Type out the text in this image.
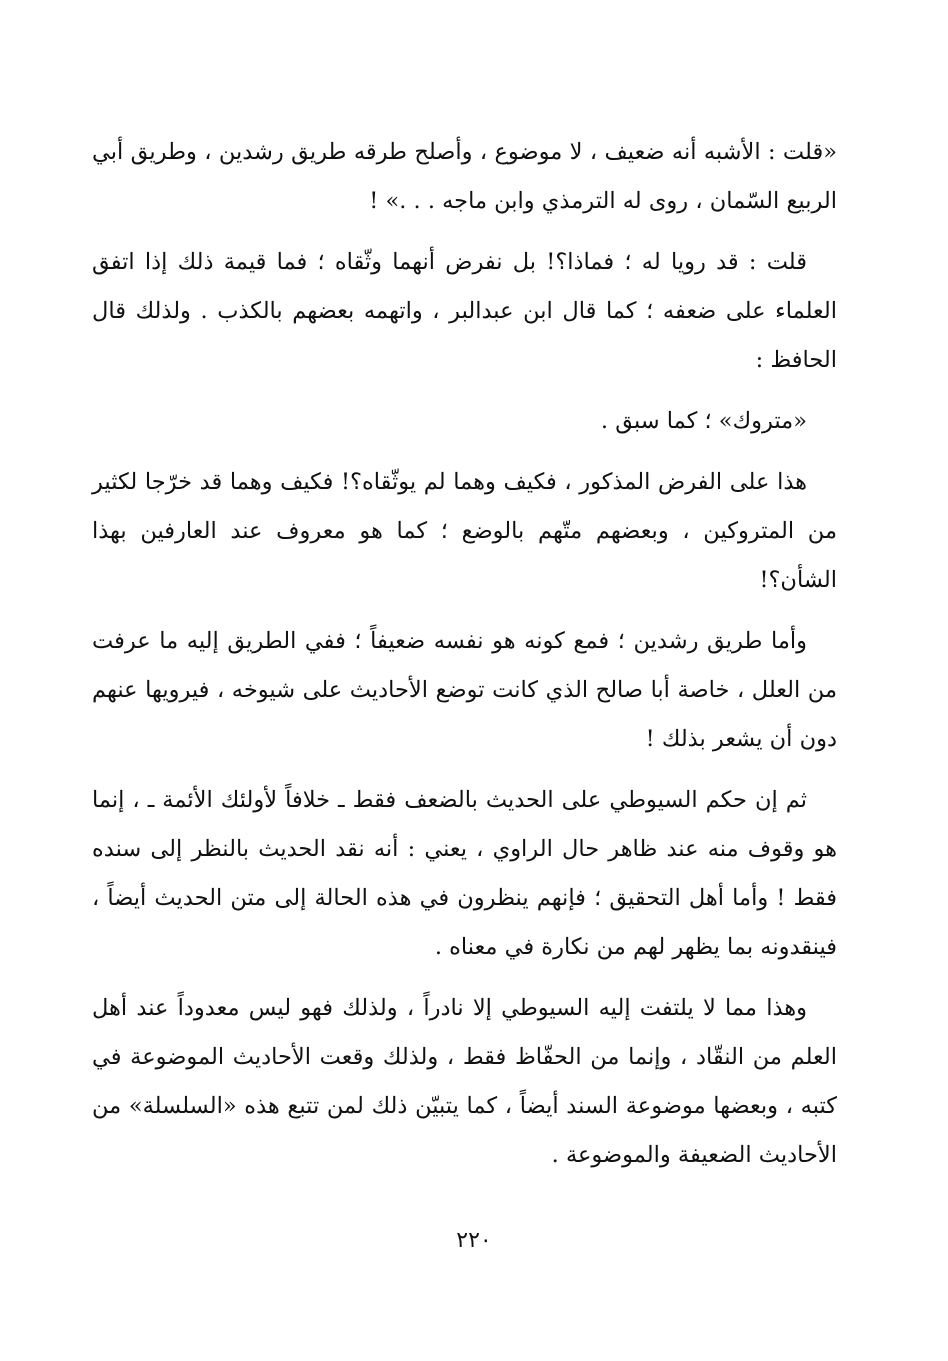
«قلت : الأشبه أنه ضعيف ، لا موضوع ، وأصلح طرقه طريق رشدين ، وطريق أبي الربيع السّمان ، روى له الترمذي وابن ماجه . . .» !

قلت : قد رويا له ؛ فماذا؟! بل نفرض أنهما وثّقاه ؛ فما قيمة ذلك إذا اتفق العلماء على ضعفه ؛ كما قال ابن عبدالبر ، واتهمه بعضهم بالكذب . ولذلك قال الحافظ :

«متروك» ؛ كما سبق .

هذا على الفرض المذكور ، فكيف وهما لم يوثّقاه؟! فكيف وهما قد خرّجا لكثير من المتروكين ، وبعضهم متّهم بالوضع ؛ كما هو معروف عند العارفين بهذا الشأن؟!

وأما طريق رشدين ؛ فمع كونه هو نفسه ضعيفاً ؛ ففي الطريق إليه ما عرفت من العلل ، خاصة أبا صالح الذي كانت توضع الأحاديث على شيوخه ، فيرويها عنهم دون أن يشعر بذلك !

ثم إن حكم السيوطي على الحديث بالضعف فقط ـ خلافاً لأولئك الأئمة ـ ، إنما هو وقوف منه عند ظاهر حال الراوي ، يعني : أنه نقد الحديث بالنظر إلى سنده فقط ! وأما أهل التحقيق ؛ فإنهم ينظرون في هذه الحالة إلى متن الحديث أيضاً ، فينقدونه بما يظهر لهم من نكارة في معناه .

وهذا مما لا يلتفت إليه السيوطي إلا نادراً ، ولذلك فهو ليس معدوداً عند أهل العلم من النقّاد ، وإنما من الحفّاظ فقط ، ولذلك وقعت الأحاديث الموضوعة في كتبه ، وبعضها موضوعة السند أيضاً ، كما يتبيّن ذلك لمن تتبع هذه «السلسلة» من الأحاديث الضعيفة والموضوعة .

٢٢٠
